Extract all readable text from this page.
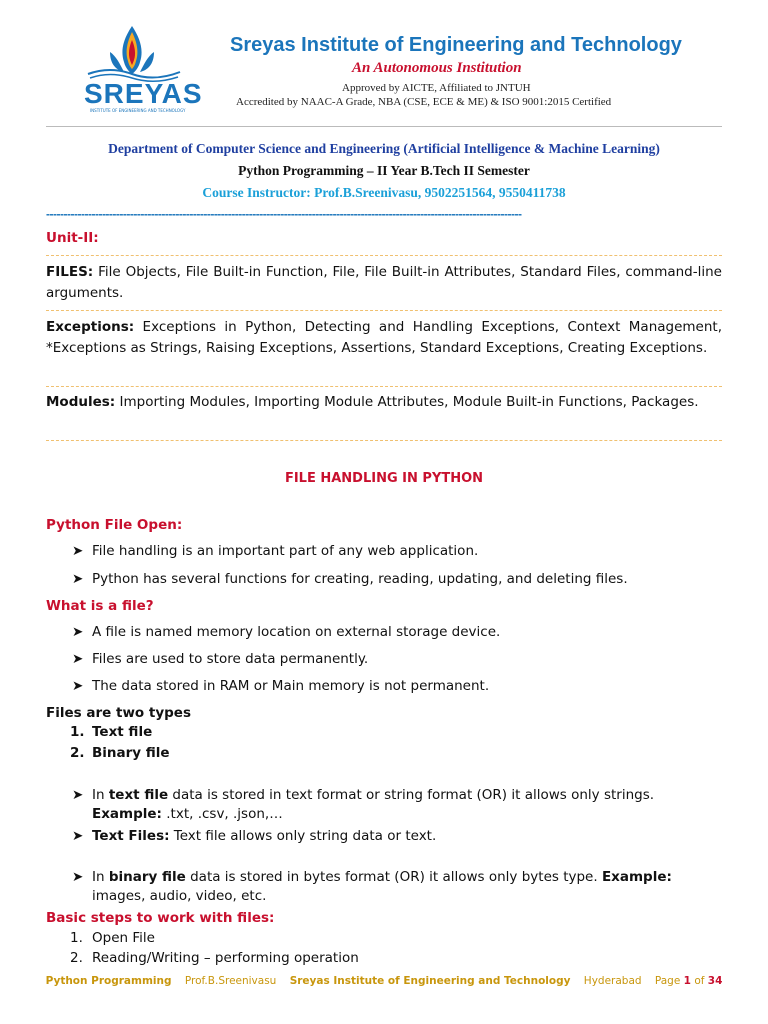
SREYAS
INSTITUTE OF ENGINEERING AND TECHNOLOGY
Sreyas Institute of Engineering and Technology
An Autonomous Institution
Approved by AICTE, Affiliated to JNTUH
Accredited by NAAC-A Grade, NBA (CSE, ECE & ME) & ISO 9001:2015 Certified
Department of Computer Science and Engineering (Artificial Intelligence & Machine Learning)
Python Programming – II Year B.Tech II Semester
Course Instructor: Prof.B.Sreenivasu, 9502251564, 9550411738
----------------------------------------------------------------------------------------------------------------------------------------
Unit-II:
FILES: File Objects, File Built-in Function, File, File Built-in Attributes, Standard Files, command-line arguments.
Exceptions: Exceptions in Python, Detecting and Handling Exceptions, Context Management, *Exceptions as Strings, Raising Exceptions, Assertions, Standard Exceptions, Creating Exceptions.
Modules: Importing Modules, Importing Module Attributes, Module Built-in Functions, Packages.
FILE HANDLING IN PYTHON
Python File Open:
➤ File handling is an important part of any web application.
➤ Python has several functions for creating, reading, updating, and deleting files.
What is a file?
➤ A file is named memory location on external storage device.
➤ Files are used to store data permanently.
➤ The data stored in RAM or Main memory is not permanent.
Files are two types
1. Text file
2. Binary file
➤ In text file data is stored in text format or string format (OR) it allows only strings.
Example: .txt, .csv, .json,…
➤ Text Files: Text file allows only string data or text.
➤ In binary file data is stored in bytes format (OR) it allows only bytes type. Example:
images, audio, video, etc.
Basic steps to work with files:
1. Open File
2. Reading/Writing – performing operation
Python Programming Prof.B.Sreenivasu Sreyas Institute of Engineering and Technology Hyderabad Page 1 of 34
